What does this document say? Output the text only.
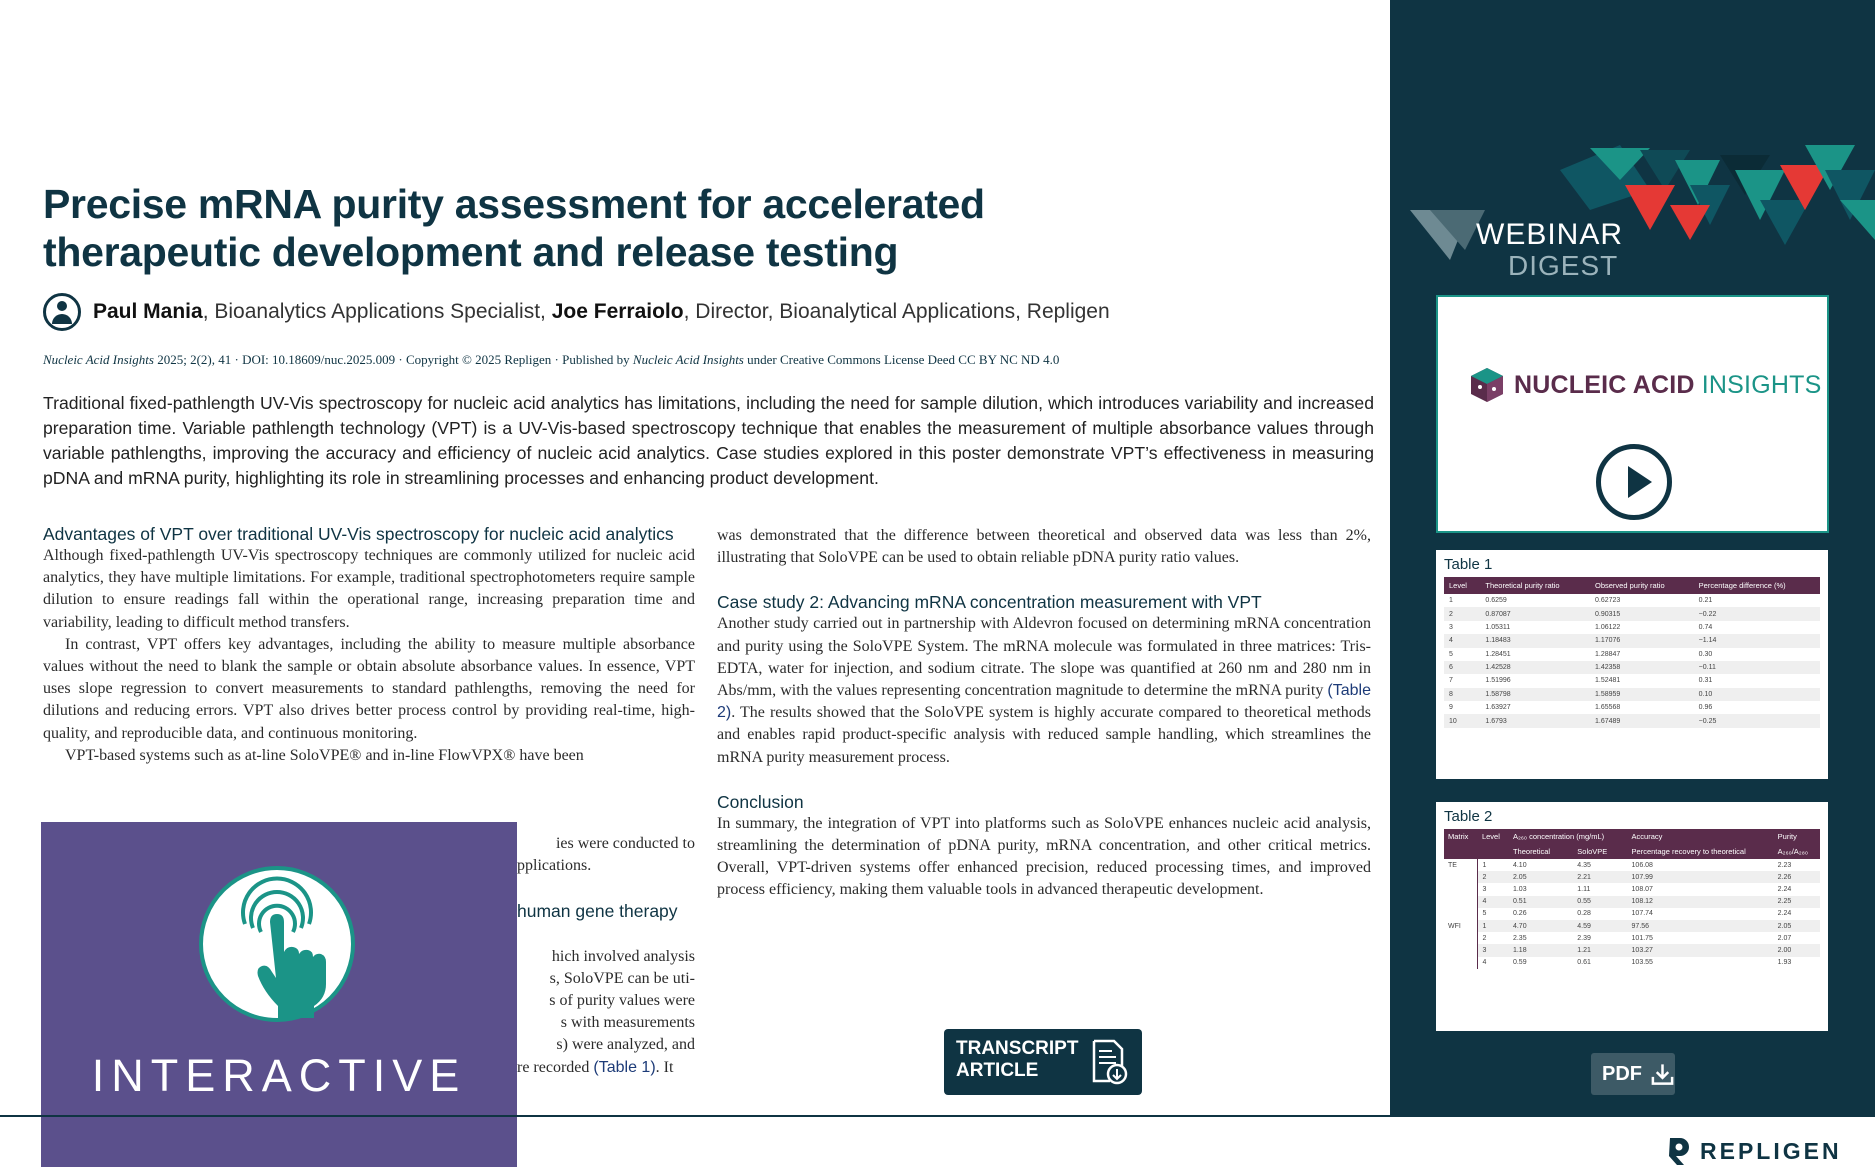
Precise mRNA purity assessment for accelerated therapeutic development and release testing
Paul Mania , Bioanalytics Applications Specialist, Joe Ferraiolo , Director, Bioanalytical Applications, Repligen
Nucleic Acid Insights 2025; 2(2), 41 · DOI: 10.18609/nuc.2025.009 · Copyright © 2025 Repligen · Published by Nucleic Acid Insights under Creative Commons License Deed CC BY NC ND 4.0

Traditional fixed-pathlength UV-Vis spectroscopy for nucleic acid analytics has limitations, including the need for sample dilution, which introduces variability and increased preparation time. Variable pathlength technology (VPT) is a UV-Vis-based spectroscopy technique that enables the measurement of multiple absorbance values through variable pathlengths, improving the accuracy and efficiency of nucleic acid analytics. Case studies explored in this poster demonstrate VPT’s effectiveness in measuring pDNA and mRNA purity, highlighting its role in streamlining processes and enhancing product development.

Advantages of VPT over traditional UV-Vis spectroscopy for nucleic acid analytics

Although fixed-pathlength UV-Vis spectroscopy techniques are commonly utilized for nucleic acid analytics, they have multiple limitations. For example, traditional spectrophotometers require sample dilution to ensure readings fall within the operational range, increasing preparation time and variability, leading to difficult method transfers.

In contrast, VPT offers key advantages, including the ability to measure multiple absorbance values without the need to blank the sample or obtain absolute absorbance values. In essence, VPT uses slope regression to convert measurements to standard pathlengths, removing the need for dilutions and reducing errors. VPT also drives better process control by providing real-time, high-quality, and reproducible data, and continuous monitoring.

VPT-based systems such as at-line SoloVPE® and in-line FlowVPX® have been

ies were conducted to
pplications.
human gene therapy
hich involved analysis
s, SoloVPE can be uti-
s of purity values were
s with measurements
s) were analyzed, and
re recorded (Table 1). It

was demonstrated that the difference between theoretical and observed data was less than 2%, illustrating that SoloVPE can be used to obtain reliable pDNA purity ratio values.

Case study 2: Advancing mRNA concentration measurement with VPT

Another study carried out in partnership with Aldevron focused on determining mRNA concentration and purity using the SoloVPE System. The mRNA molecule was formulated in three matrices: Tris-EDTA, water for injection, and sodium citrate. The slope was quantified at 260 nm and 280 nm in Abs/mm, with the values representing concentration magnitude to determine the mRNA purity (Table 2). The results showed that the SoloVPE system is highly accurate compared to theoretical methods and enables rapid product-specific analysis with reduced sample handling, which streamlines the mRNA purity measurement process.

Conclusion

In summary, the integration of VPT into platforms such as SoloVPE enhances nucleic acid analysis, streamlining the determination of pDNA purity, mRNA concentration, and other critical metrics. Overall, VPT-driven systems offer enhanced precision, reduced processing times, and improved process efficiency, making them valuable tools in advanced therapeutic development.

INTERACTIVE
TRANSCRIPT ARTICLE
REPLIGEN
WEBINAR
DIGEST
NUCLEIC ACID INSIGHTS
Table 1
Level	Theoretical purity ratio	Observed purity ratio	Percentage difference (%)
1	0.6259	0.62723	0.21
2	0.87087	0.90315	−0.22
3	1.05311	1.06122	0.74
4	1.18483	1.17076	−1.14
5	1.28451	1.28847	0.30
6	1.42528	1.42358	−0.11
7	1.51996	1.52481	0.31
8	1.58798	1.58959	0.10
9	1.63927	1.65568	0.96
10	1.6793	1.67489	−0.25
Table 2
Matrix	Level	A₂₆₀ concentration (mg/mL)		Accuracy	Purity
		Theoretical	SoloVPE	Percentage recovery to theoretical	A₂₆₀/A₂₈₀
TE	1	4.10	4.35	106.08	2.23
	2	2.05	2.21	107.99	2.26
	3	1.03	1.11	108.07	2.24
	4	0.51	0.55	108.12	2.25
	5	0.26	0.28	107.74	2.24
WFI	1	4.70	4.59	97.56	2.05
	2	2.35	2.39	101.75	2.07
	3	1.18	1.21	103.27	2.00
	4	0.59	0.61	103.55	1.93
PDF
